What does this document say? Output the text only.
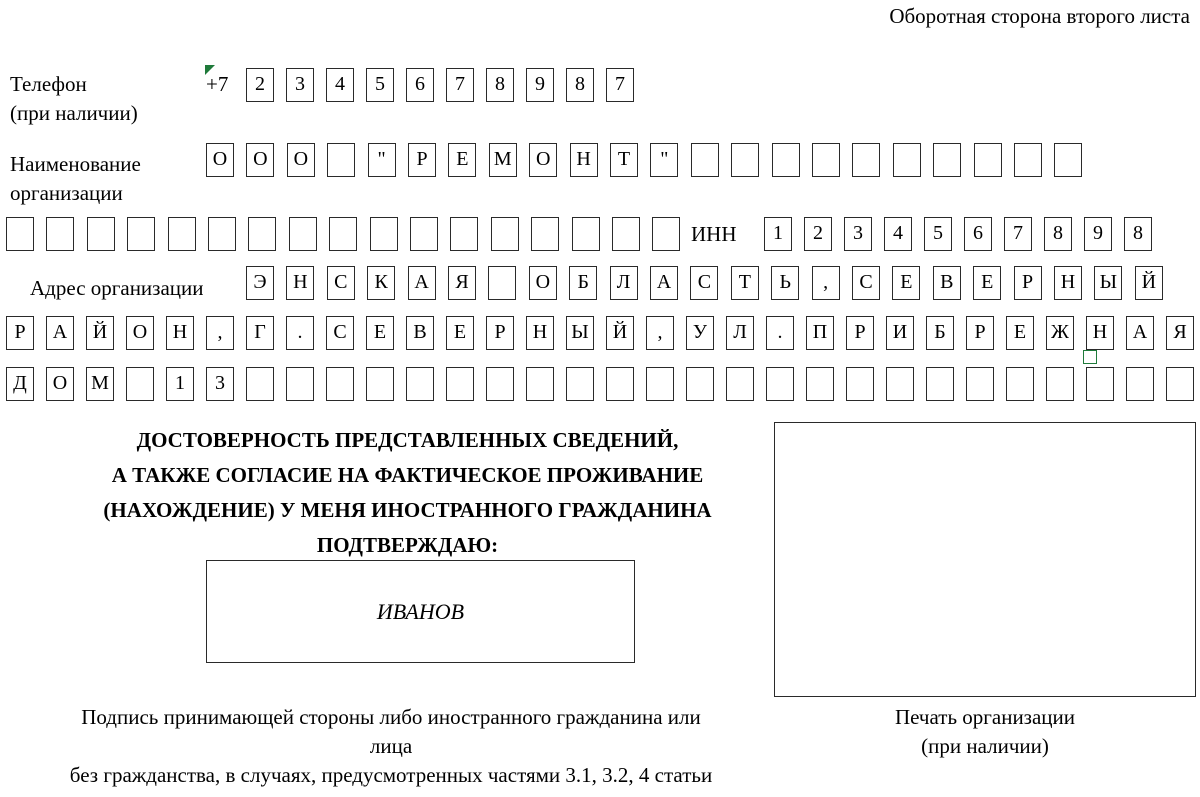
Оборотная сторона второго листа
Телефон
(при наличии)
+7	2	3	4	5	6	7	8	9	8	7
Наименование
организации
О	О	О	"	Р	Е	М	О	Н	Т	"
ИНН	1	2	3	4	5	6	7	8	9	8
Адрес организации	Э	Н	С	К	А	Я	О	Б	Л	А	С	Т	Ь	,	С	Е	В	Е	Р	Н	Ы	Й
Р	А	Й	О	Н	,	Г	.	С	Е	В	Е	Р	Н	Ы	Й	,	У	Л	.	П	Р	И	Б	Р	Е	Ж	Н	А	Я
Д	О	М	1	3
ДОСТОВЕРНОСТЬ ПРЕДСТАВЛЕННЫХ СВЕДЕНИЙ,
А ТАКЖЕ СОГЛАСИЕ НА ФАКТИЧЕСКОЕ ПРОЖИВАНИЕ
(НАХОЖДЕНИЕ) У МЕНЯ ИНОСТРАННОГО ГРАЖДАНИНА
ПОДТВЕРЖДАЮ:
ИВАНОВ
Подпись принимающей стороны либо иностранного гражданина или
лица
без гражданства, в случаях, предусмотренных частями 3.1, 3.2, 4 статьи
Печать организации
(при наличии)
